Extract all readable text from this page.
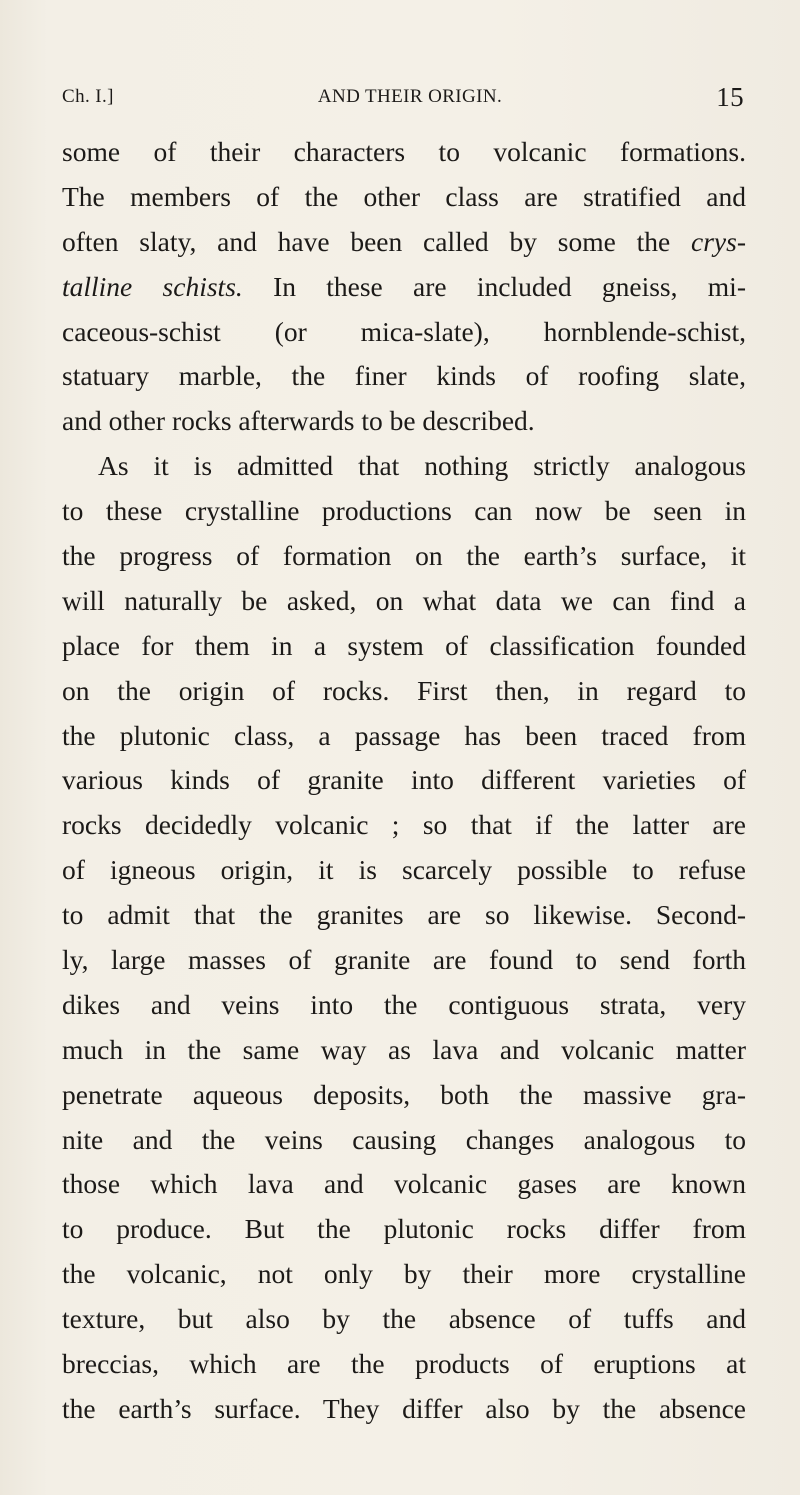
Ch. I.]	AND THEIR ORIGIN.	15
some of their characters to volcanic formations.
The members of the other class are stratified and
often slaty, and have been called by some the crys-
talline schists. In these are included gneiss, mi-
caceous-schist (or mica-slate), hornblende-schist,
statuary marble, the finer kinds of roofing slate,
and other rocks afterwards to be described.
As it is admitted that nothing strictly analogous
to these crystalline productions can now be seen in
the progress of formation on the earth’s surface, it
will naturally be asked, on what data we can find a
place for them in a system of classification founded
on the origin of rocks. First then, in regard to
the plutonic class, a passage has been traced from
various kinds of granite into different varieties of
rocks decidedly volcanic ; so that if the latter are
of igneous origin, it is scarcely possible to refuse
to admit that the granites are so likewise. Second-
ly, large masses of granite are found to send forth
dikes and veins into the contiguous strata, very
much in the same way as lava and volcanic matter
penetrate aqueous deposits, both the massive gra-
nite and the veins causing changes analogous to
those which lava and volcanic gases are known
to produce. But the plutonic rocks differ from
the volcanic, not only by their more crystalline
texture, but also by the absence of tuffs and
breccias, which are the products of eruptions at
the earth’s surface. They differ also by the absence
